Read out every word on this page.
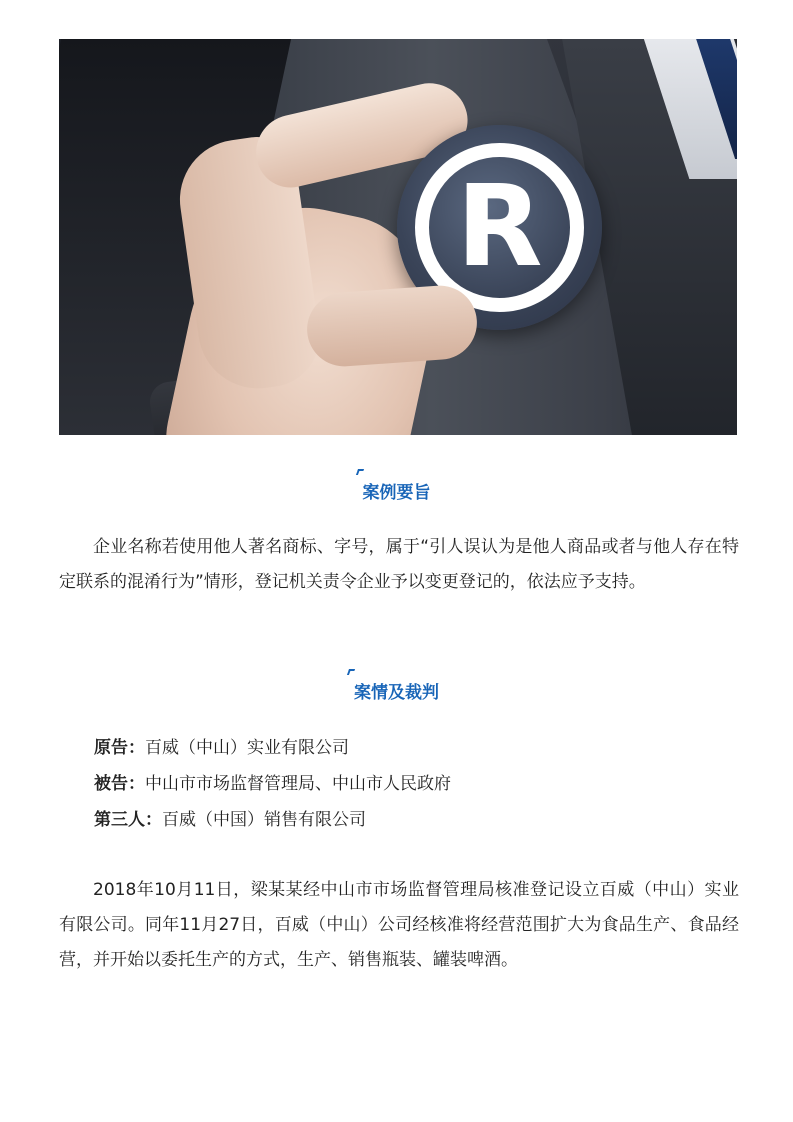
R
案例要旨
企业名称若使用他人著名商标、字号，属于“引人误认为是他人商品或者与他人存在特定联系的混淆行为”情形，登记机关责令企业予以变更登记的，依法应予支持。
案情及裁判
原告：百威（中山）实业有限公司
被告：中山市市场监督管理局、中山市人民政府
第三人：百威（中国）销售有限公司
2018年10月11日，梁某某经中山市市场监督管理局核准登记设立百威（中山）实业有限公司。同年11月27日，百威（中山）公司经核准将经营范围扩大为食品生产、食品经营，并开始以委托生产的方式，生产、销售瓶装、罐装啤酒。
